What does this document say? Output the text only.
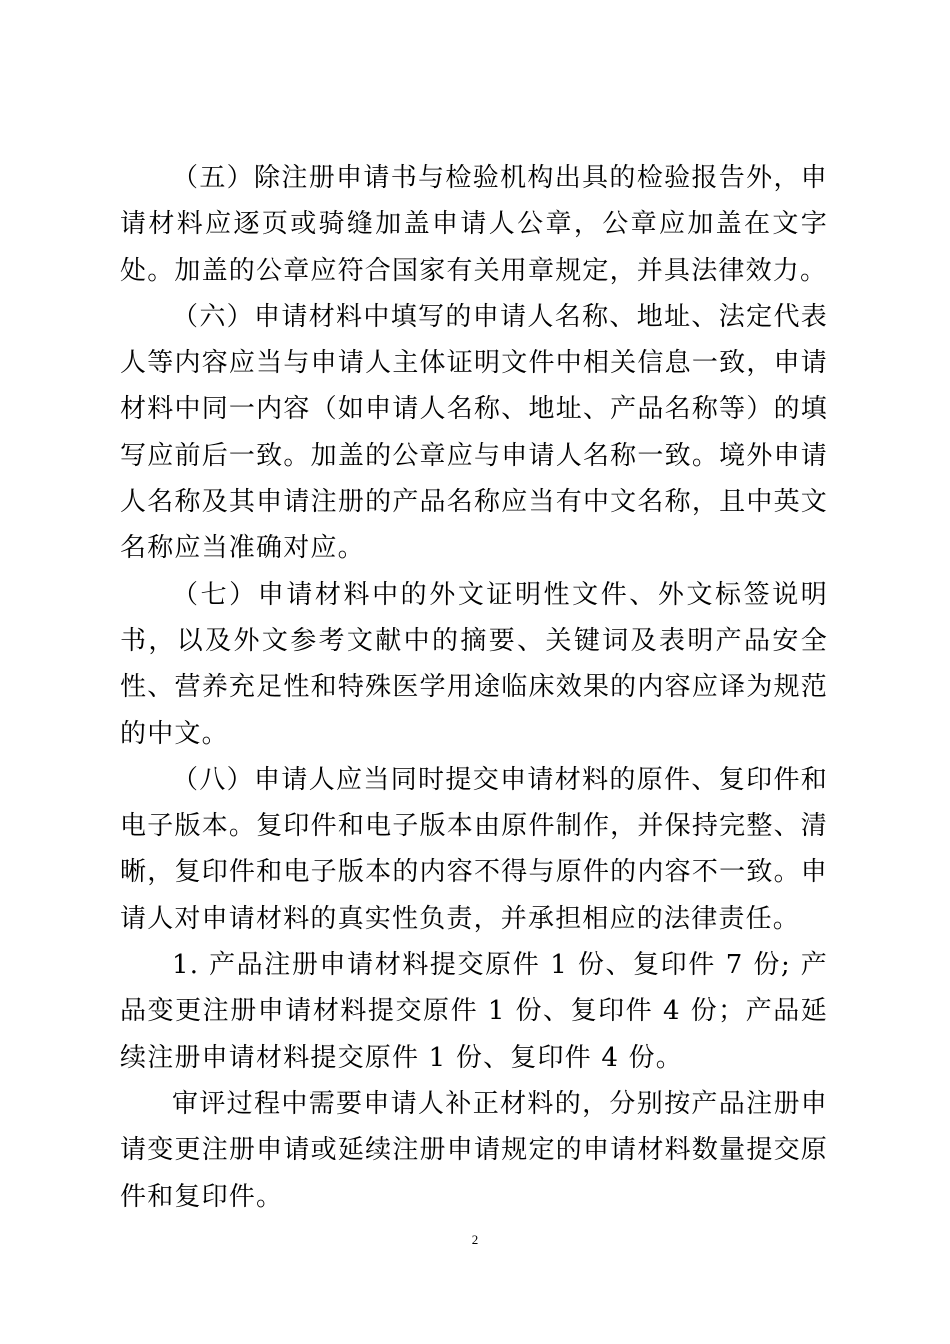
（五）除注册申请书与检验机构出具的检验报告外，申请材料应逐页或骑缝加盖申请人公章，公章应加盖在文字处。加盖的公章应符合国家有关用章规定，并具法律效力。

（六）申请材料中填写的申请人名称、地址、法定代表人等内容应当与申请人主体证明文件中相关信息一致，申请材料中同一内容（如申请人名称、地址、产品名称等）的填写应前后一致。加盖的公章应与申请人名称一致。境外申请人名称及其申请注册的产品名称应当有中文名称，且中英文名称应当准确对应。

（七）申请材料中的外文证明性文件、外文标签说明书，以及外文参考文献中的摘要、关键词及表明产品安全性、营养充足性和特殊医学用途临床效果的内容应译为规范的中文。

（八）申请人应当同时提交申请材料的原件、复印件和电子版本。复印件和电子版本由原件制作，并保持完整、清晰，复印件和电子版本的内容不得与原件的内容不一致。申请人对申请材料的真实性负责，并承担相应的法律责任。

1. 产品注册申请材料提交原件 1 份、复印件 7 份; 产品变更注册申请材料提交原件 1 份、复印件 4 份；产品延续注册申请材料提交原件 1 份、复印件 4 份。

审评过程中需要申请人补正材料的，分别按产品注册申请变更注册申请或延续注册申请规定的申请材料数量提交原件和复印件。

2
